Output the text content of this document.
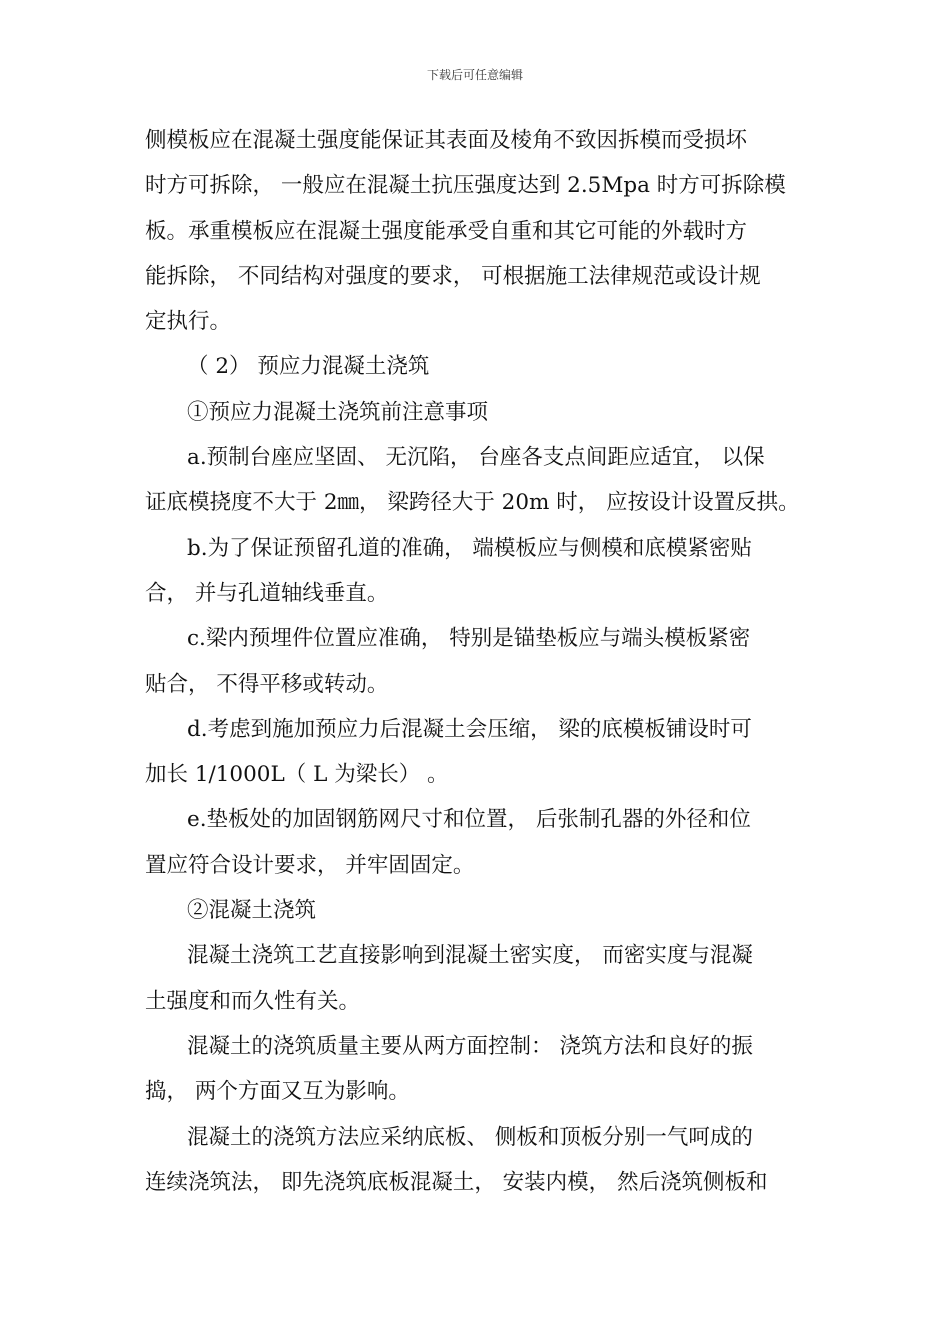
下载后可任意编辑
侧模板应在混凝土强度能保证其表面及棱角不致因拆模而受损坏
时方可拆除， 一般应在混凝土抗压强度达到 2.5Mpa 时方可拆除模
板。承重模板应在混凝土强度能承受自重和其它可能的外载时方
能拆除， 不同结构对强度的要求， 可根据施工法律规范或设计规
定执行。
（ 2） 预应力混凝土浇筑
①预应力混凝土浇筑前注意事项
a.预制台座应坚固、 无沉陷， 台座各支点间距应适宜， 以保
证底模挠度不大于 2㎜， 梁跨径大于 20m 时， 应按设计设置反拱。
b.为了保证预留孔道的准确， 端模板应与侧模和底模紧密贴
合， 并与孔道轴线垂直。
c.梁内预埋件位置应准确， 特别是锚垫板应与端头模板紧密
贴合， 不得平移或转动。
d.考虑到施加预应力后混凝土会压缩， 梁的底模板铺设时可
加长 1/1000L（ L 为梁长） 。
e.垫板处的加固钢筋网尺寸和位置， 后张制孔器的外径和位
置应符合设计要求， 并牢固固定。
②混凝土浇筑
混凝土浇筑工艺直接影响到混凝土密实度， 而密实度与混凝
土强度和而久性有关。
混凝土的浇筑质量主要从两方面控制： 浇筑方法和良好的振
捣， 两个方面又互为影响。
混凝土的浇筑方法应采纳底板、 侧板和顶板分别一气呵成的
连续浇筑法， 即先浇筑底板混凝土， 安装内模， 然后浇筑侧板和
